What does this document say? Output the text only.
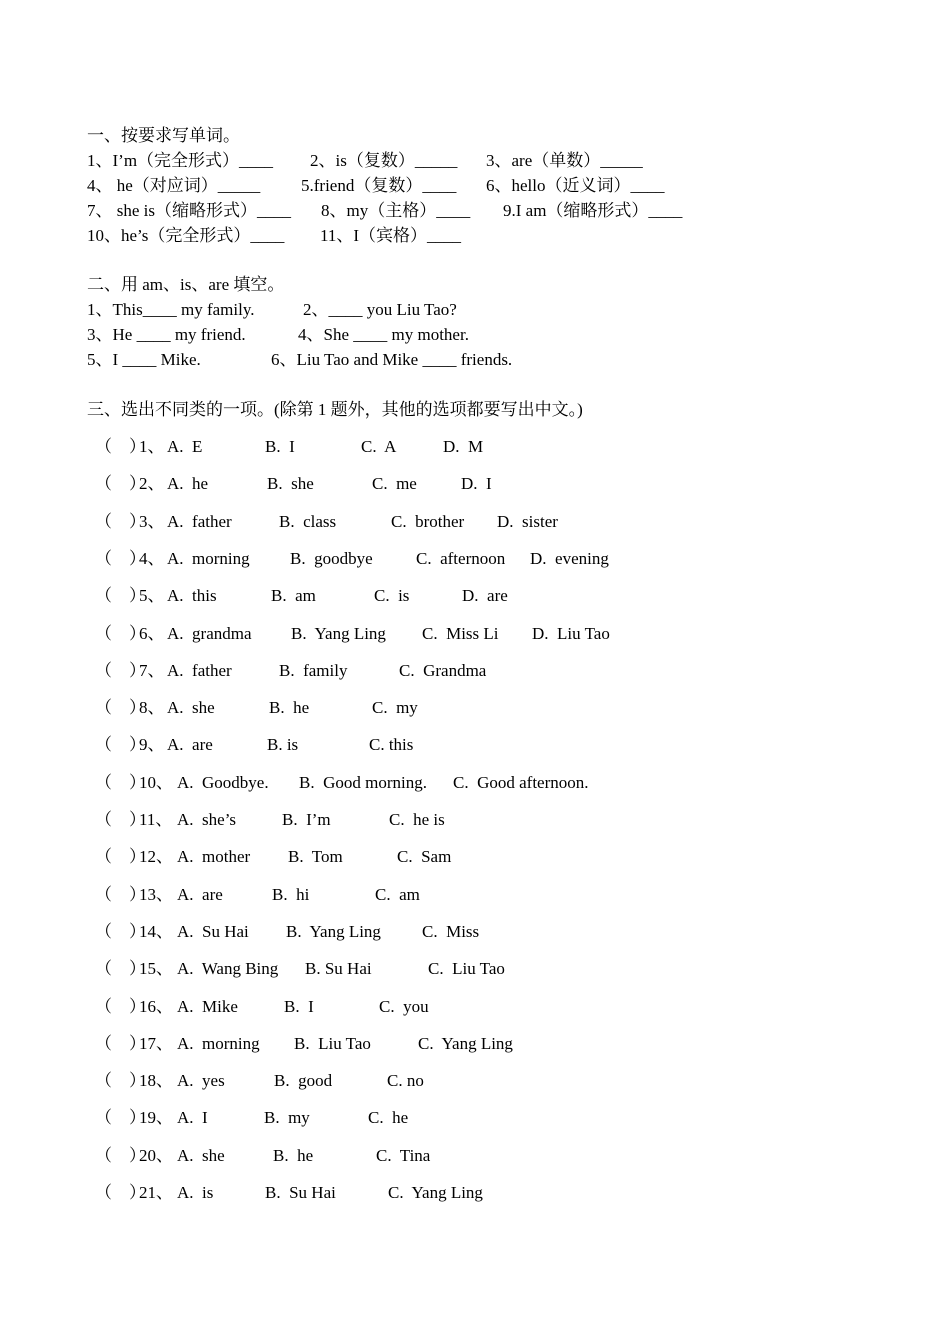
一、按要求写单词。
1、I’m（完全形式）____ 2、is（复数）_____ 3、are（单数）_____
4、 he（对应词）_____ 5.friend（复数）____ 6、hello（近义词）____
7、 she is（缩略形式）____ 8、my（主格）____ 9.I am（缩略形式）____
10、he’s（完全形式）____ 11、I（宾格）____
二、用 am、is、are 填空。
1、This____ my family.	2、____ you Liu Tao?
3、He ____ my friend.	4、She ____ my mother.
5、I ____ Mike.	6、Liu Tao and Mike ____ friends.
三、选出不同类的一项。(除第 1 题外，其他的选项都要写出中文。)
（　）
1、 A.  E	B.  I	C.  A	D.  M
（　）
2、 A.  he	B.  she	C.  me	D.  I
（　）
3、 A.  father	B.  class	C.  brother D.  sister
（　）
4、 A.  morning B.  goodbye	C.  afternoon D.  evening
（　）
5、 A.  this	B.  am	C.  is	D.  are
（　）
6、 A.  grandma B.  Yang Ling C.  Miss Li D.  Liu Tao
（　）
7、 A.  father	B.  family	C.  Grandma
（　）
8、 A.  she	B.  he	C.  my
（　）
9、 A.  are	B. is	C. this
（　）
10、 A.  Goodbye. B.  Good morning. C.  Good afternoon.
（　）
11、 A.  she’s	B.  I’m	C.  he is
（　）
12、 A.  mother B.  Tom	C.  Sam
（　）
13、 A.  are	B.  hi	C.  am
（　）
14、 A.  Su Hai B.  Yang Ling C.  Miss
（　）
15、 A.  Wang Bing B. Su Hai	C.  Liu Tao
（　）
16、 A.  Mike	B.  I	C.  you
（　）
17、 A.  morning B.  Liu Tao	C.  Yang Ling
（　）
18、 A.  yes	B.  good	C. no
（　）
19、 A.  I	B.  my	C.  he
（　）
20、 A.  she	B.  he	C.  Tina
（　）
21、 A.  is	B.  Su Hai	C.  Yang Ling
